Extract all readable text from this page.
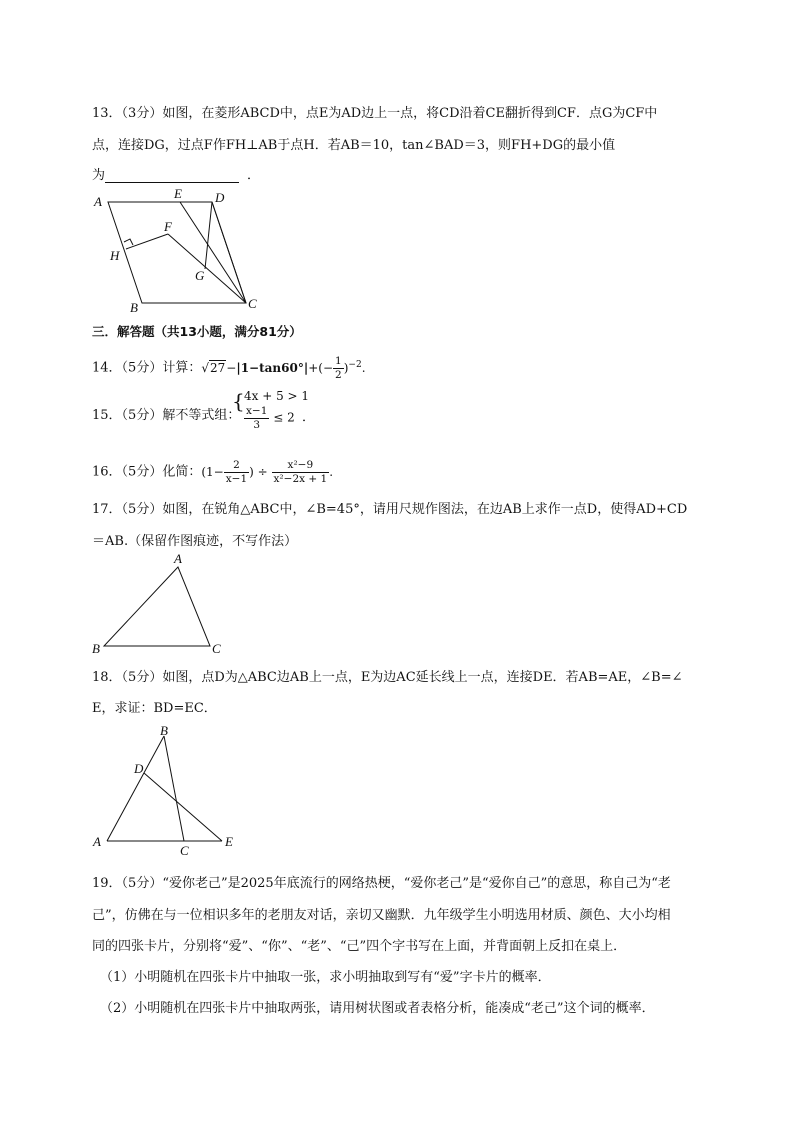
13．（3分）如图，在菱形ABCD中，点E为AD边上一点，将CD沿着CE翻折得到CF．点G为CF中
点，连接DG，过点F作FH⊥AB于点H．若AB＝10，tan∠BAD＝3，则FH+DG的最小值
为	．
A
E	D
F
H
G
B	C
三．解答题（共13小题，满分81分）
14．（5分）计算：$√27-|1-\tan 60^\circ|+(- \frac{1}{2} )^{-2}$.
15．（5分）解不等式组：
{ 4x + 5 > 1
$\frac{x-1}{3} \le 2$ ．
16．（5分）化简：($1- \frac{2}{x-1}$ ) ÷ $\frac{\text{x²−9}}{\text{x²−2x + 1}}$ .
17．（5分）如图，在锐角△ABC中，∠B=45°，请用尺规作图法，在边AB上求作一点D，使得AD+CD
＝AB.（保留作图痕迹，不写作法）
A
B	C
18．（5分）如图，点D为△ABC边AB上一点，E为边AC延长线上一点，连接DE．若AB=AE，∠B=∠
E，求证：BD=EC．
B
D
A
C
E
19．（5分）“爱你老己”是2025年底流行的网络热梗，“爱你老己”是“爱你自己”的意思，称自己为“老
己”，仿佛在与一位相识多年的老朋友对话，亲切又幽默．九年级学生小明选用材质、颜色、大小均相
同的四张卡片，分别将“爱”、“你”、“老”、“己”四个字书写在上面，并背面朝上反扣在桌上．
（1）小明随机在四张卡片中抽取一张，求小明抽取到写有“爱”字卡片的概率．
（2）小明随机在四张卡片中抽取两张，请用树状图或者表格分析，能凑成“老己”这个词的概率．
